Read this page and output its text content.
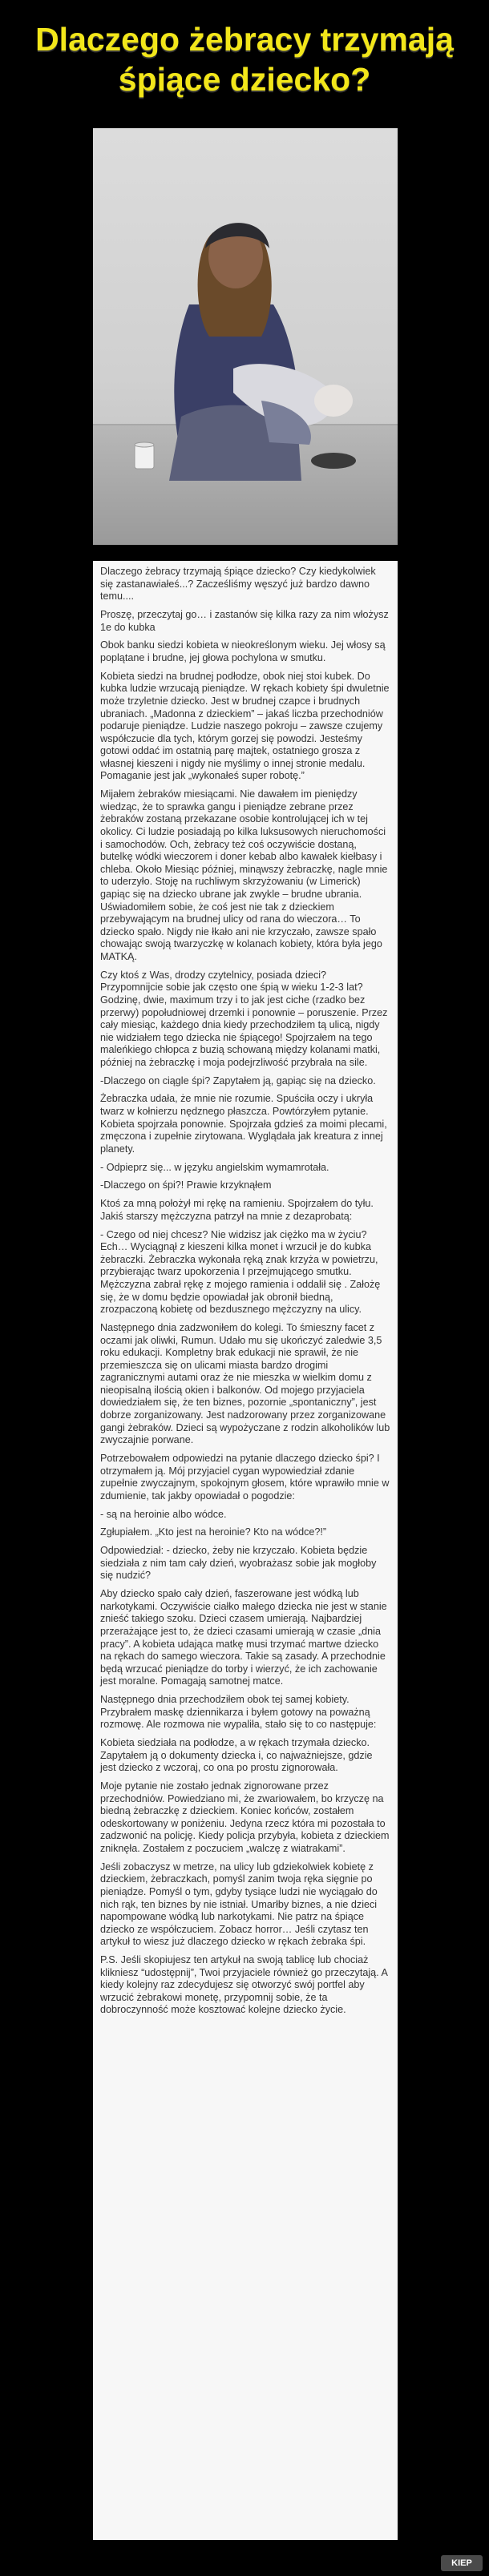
Dlaczego żebracy trzymają śpiące dziecko?

Dlaczego żebracy trzymają śpiące dziecko? Czy kiedykolwiek się zastanawiałeś...? Zacześliśmy węszyć już bardzo dawno temu....

Proszę, przeczytaj go… i zastanów się kilka razy za nim włożysz 1e do kubka

Obok banku siedzi kobieta w nieokreślonym wieku. Jej włosy są poplątane i brudne, jej głowa pochylona w smutku.

Kobieta siedzi na brudnej podłodze, obok niej stoi kubek. Do kubka ludzie wrzucają pieniądze. W rękach kobiety śpi dwuletnie może trzyletnie dziecko. Jest w brudnej czapce i brudnych ubraniach. „Madonna z dzieckiem” – jakaś liczba przechodniów podaruje pieniądze. Ludzie naszego pokroju – zawsze czujemy współczucie dla tych, którym gorzej się powodzi. Jesteśmy gotowi oddać im ostatnią parę majtek, ostatniego grosza z własnej kieszeni i nigdy nie myślimy o innej stronie medalu. Pomaganie jest jak „wykonałeś super robotę.”

Mijałem żebraków miesiącami. Nie dawałem im pieniędzy wiedząc, że to sprawka gangu i pieniądze zebrane przez żebraków zostaną przekazane osobie kontrolującej ich w tej okolicy. Ci ludzie posiadają po kilka luksusowych nieruchomości i samochodów. Och, żebracy też coś oczywiście dostaną, butelkę wódki wieczorem i doner kebab albo kawałek kiełbasy i chleba. Około Miesiąc później, minąwszy żebraczkę, nagle mnie to uderzyło. Stoję na ruchliwym skrzyżowaniu (w Limerick) gapiąc się na dziecko ubrane jak zwykle – brudne ubrania. Uświadomiłem sobie, że coś jest nie tak z dzieckiem przebywającym na brudnej ulicy od rana do wieczora… To dziecko spało. Nigdy nie łkało ani nie krzyczało, zawsze spało chowając swoją twarzyczkę w kolanach kobiety, która była jego MATKĄ.

Czy ktoś z Was, drodzy czytelnicy, posiada dzieci? Przypomnijcie sobie jak często one śpią w wieku 1-2-3 lat? Godzinę, dwie, maximum trzy i to jak jest ciche (rzadko bez przerwy) popołudniowej drzemki i ponownie – poruszenie. Przez cały miesiąc, każdego dnia kiedy przechodziłem tą ulicą, nigdy nie widziałem tego dziecka nie śpiącego! Spojrzałem na tego maleńkiego chłopca z buzią schowaną między kolanami matki, później na żebraczkę i moja podejrzliwość przybrała na sile.

-Dlaczego on ciągle śpi? Zapytałem ją, gapiąc się na dziecko.

Żebraczka udała, że mnie nie rozumie. Spuściła oczy i ukryła twarz w kołnierzu nędznego płaszcza. Powtórzyłem pytanie. Kobieta spojrzała ponownie. Spojrzała gdzieś za moimi plecami, zmęczona i zupełnie zirytowana. Wyglądała jak kreatura z innej planety.

- Odpieprz się... w języku angielskim wymamrotała.

-Dlaczego on śpi?! Prawie krzyknąłem

Ktoś za mną położył mi rękę na ramieniu. Spojrzałem do tyłu. Jakiś starszy mężczyzna patrzył na mnie z dezaprobatą:

- Czego od niej chcesz? Nie widzisz jak ciężko ma w życiu? Ech… Wyciągnął z kieszeni kilka monet i wrzucił je do kubka żebraczki. Żebraczka wykonała ręką znak krzyża w powietrzu, przybierając twarz upokorzenia I przejmującego smutku. Mężczyzna zabrał rękę z mojego ramienia i oddalił się . Założę się, że w domu będzie opowiadał jak obronił biedną, zrozpaczoną kobietę od bezdusznego mężczyzny na ulicy.

Następnego dnia zadzwoniłem do kolegi. To śmieszny facet z oczami jak oliwki, Rumun. Udało mu się ukończyć zaledwie 3,5 roku edukacji. Kompletny brak edukacji nie sprawił, że nie przemieszcza się on ulicami miasta bardzo drogimi zagranicznymi autami oraz że nie mieszka w wielkim domu z nieopisalną ilością okien i balkonów. Od mojego przyjaciela dowiedziałem się, że ten biznes, pozornie „spontaniczny”, jest dobrze zorganizowany. Jest nadzorowany przez zorganizowane gangi żebraków. Dzieci są wypożyczane z rodzin alkoholików lub zwyczajnie porwane.

Potrzebowałem odpowiedzi na pytanie dlaczego dziecko śpi? I otrzymałem ją. Mój przyjaciel cygan wypowiedział zdanie zupełnie zwyczajnym, spokojnym głosem, które wprawiło mnie w zdumienie, tak jakby opowiadał o pogodzie:

- są na heroinie albo wódce.

Zgłupiałem. „Kto jest na heroinie? Kto na wódce?!”

Odpowiedział: - dziecko, żeby nie krzyczało. Kobieta będzie siedziała z nim tam cały dzień, wyobrażasz sobie jak mogłoby się nudzić?

Aby dziecko spało cały dzień, faszerowane jest wódką lub narkotykami. Oczywiście ciałko małego dziecka nie jest w stanie znieść takiego szoku. Dzieci czasem umierają. Najbardziej przerażające jest to, że dzieci czasami umierają w czasie „dnia pracy”. A kobieta udająca matkę musi trzymać martwe dziecko na rękach do samego wieczora. Takie są zasady. A przechodnie będą wrzucać pieniądze do torby i wierzyć, że ich zachowanie jest moralne. Pomagają samotnej matce.

Następnego dnia przechodziłem obok tej samej kobiety. Przybrałem maskę dziennikarza i byłem gotowy na poważną rozmowę. Ale rozmowa nie wypaliła, stało się to co następuje:

Kobieta siedziała na podłodze, a w rękach trzymała dziecko. Zapytałem ją o dokumenty dziecka i, co najważniejsze, gdzie jest dziecko z wczoraj, co ona po prostu zignorowała.

Moje pytanie nie zostało jednak zignorowane przez przechodniów. Powiedziano mi, że zwariowałem, bo krzyczę na biedną żebraczkę z dzieckiem. Koniec końców, zostałem odeskortowany w poniżeniu. Jedyna rzecz która mi pozostała to zadzwonić na policję. Kiedy policja przybyła, kobieta z dzieckiem zniknęła. Zostałem z poczuciem „walczę z wiatrakami”.

Jeśli zobaczysz w metrze, na ulicy lub gdziekolwiek kobietę z dzieckiem, żebraczkach, pomyśl zanim twoja ręka sięgnie po pieniądze. Pomyśl o tym, gdyby tysiące ludzi nie wyciągało do nich rąk, ten biznes by nie istniał. Umarłby biznes, a nie dzieci napompowane wódką lub narkotykami. Nie patrz na śpiące dziecko ze współczuciem. Zobacz horror… Jeśli czytasz ten artykuł to wiesz już dlaczego dziecko w rękach żebraka śpi.

P.S. Jeśli skopiujesz ten artykuł na swoją tablicę lub chociaż klikniesz “udostępnij”, Twoi przyjaciele również go przeczytają. A kiedy kolejny raz zdecydujesz się otworzyć swój portfel aby wrzucić żebrakowi monetę, przypomnij sobie, że ta dobroczynność może kosztować kolejne dziecko życie.

KIEP
